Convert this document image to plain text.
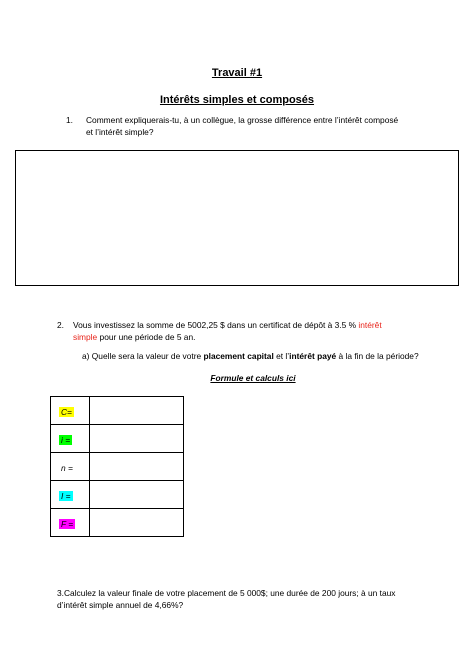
Travail #1
Intérêts simples et composés
1. Comment expliquerais-tu, à un collègue, la grosse différence entre l’intérêt composé
et l’intérêt simple?
2. Vous investissez la somme de 5002,25 $ dans un certificat de dépôt à 3.5 % intérêt
simple pour une période de 5 an.
a) Quelle sera la valeur de votre placement capital et l’intérêt payé à la fin de la période?
Formule et calculs ici
C=	
i =	
n =	
I =	
F =	
3.Calculez la valeur finale de votre placement de 5 000$; une durée de 200 jours; à un taux
d’intérêt simple annuel de 4,66%?
